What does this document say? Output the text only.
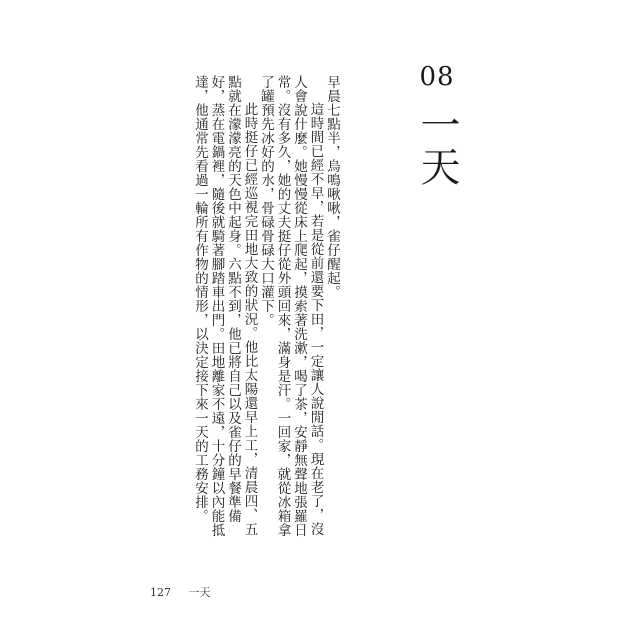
08
一天

早晨七點半，烏鳴啾啾，雀仔醒起。

這時間已經不早，若是從前還要下田，一定讓人說閒話。現在老了，沒人會說什麼。她慢慢從床上爬起，摸索著洗漱，喝了茶，安靜無聲地張羅日常。沒有多久，她的丈夫挺仔從外頭回來，滿身是汗。一回家，就從冰箱拿了罐預先冰好的水，骨碌骨碌大口灌下。

此時挺仔已經巡視完田地大致的狀況。他比太陽還早上工，清晨四、五點就在濛濛亮的天色中起身。六點不到，他已將自己以及雀仔的早餐準備好，蒸在電鍋裡，隨後就騎著腳踏車出門。田地離家不遠，十分鐘以內能抵達，他通常先看過一輪所有作物的情形，以決定接下來一天的工務安排。

127 一天
